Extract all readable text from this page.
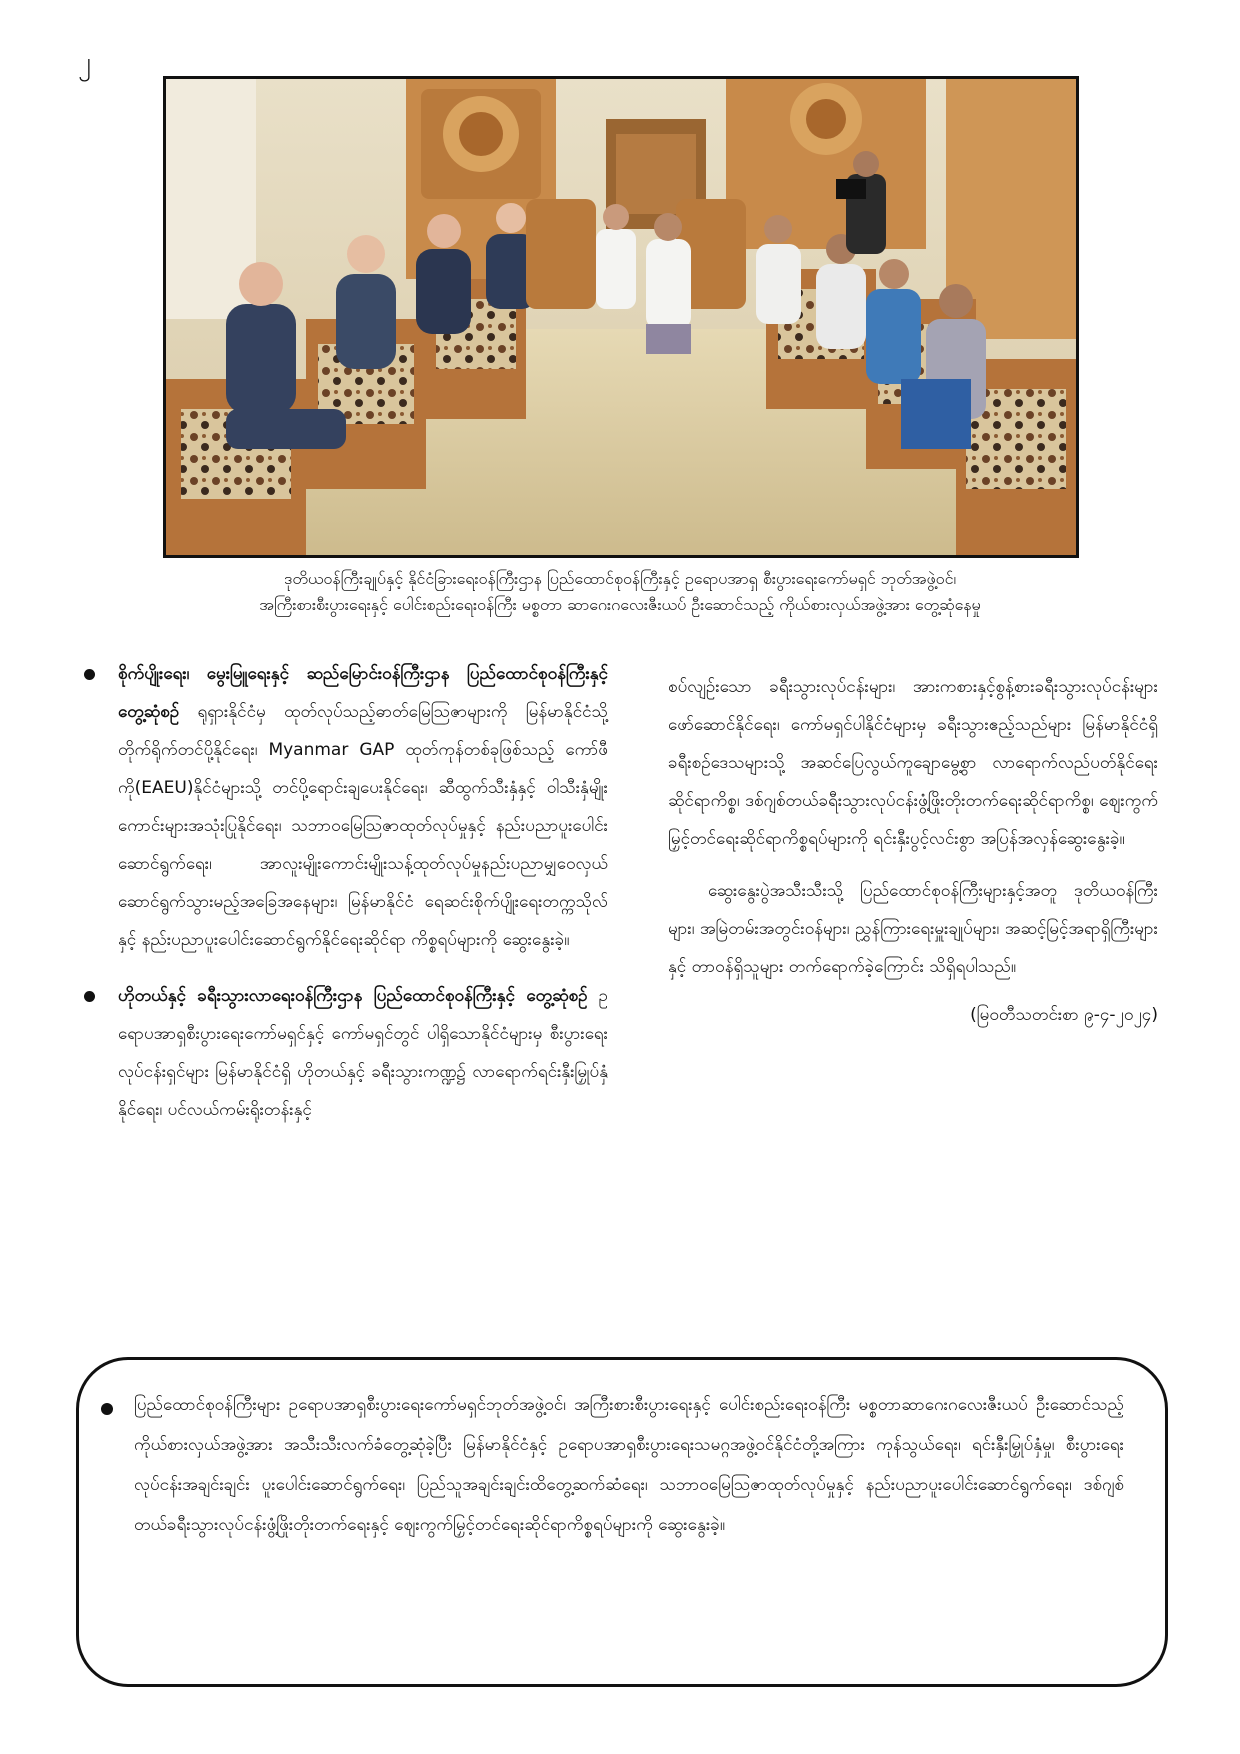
၂
ဒုတိယဝန်ကြီးချုပ်နှင့် နိုင်ငံခြားရေးဝန်ကြီးဌာန ပြည်ထောင်စုဝန်ကြီးနှင့် ဥရောပအာရှ စီးပွားရေးကော်မရှင် ဘုတ်အဖွဲ့ဝင်၊
အကြီးစားစီးပွားရေးနှင့် ပေါင်းစည်းရေးဝန်ကြီး မစ္စတာ ဆာဂေးဂလေးဇီးယပ် ဦးဆောင်သည့် ကိုယ်စားလှယ်အဖွဲ့အား တွေ့ဆုံနေမှု
စိုက်ပျိုးရေး၊ မွေးမြူရေးနှင့် ဆည်မြောင်းဝန်ကြီးဌာန ပြည်ထောင်စုဝန်ကြီးနှင့်တွေ့ဆုံစဉ် ရုရှားနိုင်ငံမှ ထုတ်လုပ်သည့်ဓာတ်မြေဩဇာများကို မြန်မာနိုင်ငံသို့ တိုက်ရိုက်တင်ပို့နိုင်ရေး၊ Myanmar GAP ထုတ်ကုန်တစ်ခုဖြစ်သည့် ကော်ဖီကို(EAEU)နိုင်ငံများသို့ တင်ပို့ရောင်းချပေးနိုင်ရေး၊ ဆီထွက်သီးနှံနှင့် ဝါသီးနှံမျိုးကောင်းများအသုံးပြုနိုင်ရေး၊ သဘာဝမြေဩဇာထုတ်လုပ်မှုနှင့် နည်းပညာပူးပေါင်းဆောင်ရွက်ရေး၊ အာလူးမျိုးကောင်းမျိုးသန့်ထုတ်လုပ်မှုနည်းပညာမျှဝေလှယ်ဆောင်ရွက်သွားမည့်အခြေအနေများ၊ မြန်မာနိုင်ငံ ရေဆင်းစိုက်ပျိုးရေးတက္ကသိုလ်နှင့် နည်းပညာပူးပေါင်းဆောင်ရွက်နိုင်ရေးဆိုင်ရာ ကိစ္စရပ်များကို ဆွေးနွေးခဲ့။
ဟိုတယ်နှင့် ခရီးသွားလာရေးဝန်ကြီးဌာန ပြည်ထောင်စုဝန်ကြီးနှင့် တွေ့ဆုံစဉ် ဥရောပအာရှစီးပွားရေးကော်မရှင်နှင့် ကော်မရှင်တွင် ပါရှိသောနိုင်ငံများမှ စီးပွားရေးလုပ်ငန်းရှင်များ မြန်မာနိုင်ငံရှိ ဟိုတယ်နှင့် ခရီးသွားကဏ္ဍ၌ လာရောက်ရင်းနှီးမြှုပ်နှံနိုင်ရေး၊ ပင်လယ်ကမ်းရိုးတန်းနှင့်
စပ်လျဉ်းသော ခရီးသွားလုပ်ငန်းများ၊ အားကစားနှင့်စွန့်စားခရီးသွားလုပ်ငန်းများ ဖော်ဆောင်နိုင်ရေး၊ ကော်မရှင်ပါနိုင်ငံများမှ ခရီးသွားဧည့်သည်များ မြန်မာနိုင်ငံရှိ ခရီးစဉ်ဒေသများသို့ အဆင်ပြေလွယ်ကူချောမွေ့စွာ လာရောက်လည်ပတ်နိုင်ရေးဆိုင်ရာကိစ္စ၊ ဒစ်ဂျစ်တယ်ခရီးသွားလုပ်ငန်းဖွံ့ဖြိုးတိုးတက်ရေးဆိုင်ရာကိစ္စ၊ ဈေးကွက်မြှင့်တင်ရေးဆိုင်ရာကိစ္စရပ်များကို ရင်းနှီးပွင့်လင်းစွာ အပြန်အလှန်ဆွေးနွေးခဲ့။
ဆွေးနွေးပွဲအသီးသီးသို့ ပြည်ထောင်စုဝန်ကြီးများနှင့်အတူ ဒုတိယဝန်ကြီးများ၊ အမြဲတမ်းအတွင်းဝန်များ၊ ညွှန်ကြားရေးမှူးချုပ်များ၊ အဆင့်မြင့်အရာရှိကြီးများနှင့် တာဝန်ရှိသူများ တက်ရောက်ခဲ့ကြောင်း သိရှိရပါသည်။
(မြဝတီသတင်းစာ ၉-၄-၂၀၂၄)
ပြည်ထောင်စုဝန်ကြီးများ ဥရောပအာရှစီးပွားရေးကော်မရှင်ဘုတ်အဖွဲ့ဝင်၊ အကြီးစားစီးပွားရေးနှင့် ပေါင်းစည်းရေးဝန်ကြီး မစ္စတာဆာဂေးဂလေးဇီးယပ် ဦးဆောင်သည့် ကိုယ်စားလှယ်အဖွဲ့အား အသီးသီးလက်ခံတွေ့ဆုံခဲ့ပြီး မြန်မာနိုင်ငံနှင့် ဥရောပအာရှစီးပွားရေးသမဂ္ဂအဖွဲ့ဝင်နိုင်ငံတို့အကြား ကုန်သွယ်ရေး၊ ရင်းနှီးမြှုပ်နှံမှု၊ စီးပွားရေးလုပ်ငန်းအချင်းချင်း ပူးပေါင်းဆောင်ရွက်ရေး၊ ပြည်သူအချင်းချင်းထိတွေ့ဆက်ဆံရေး၊ သဘာဝမြေဩဇာထုတ်လုပ်မှုနှင့် နည်းပညာပူးပေါင်းဆောင်ရွက်ရေး၊ ဒစ်ဂျစ်တယ်ခရီးသွားလုပ်ငန်းဖွံ့ဖြိုးတိုးတက်ရေးနှင့် ဈေးကွက်မြှင့်တင်ရေးဆိုင်ရာကိစ္စရပ်များကို ဆွေးနွေးခဲ့။
